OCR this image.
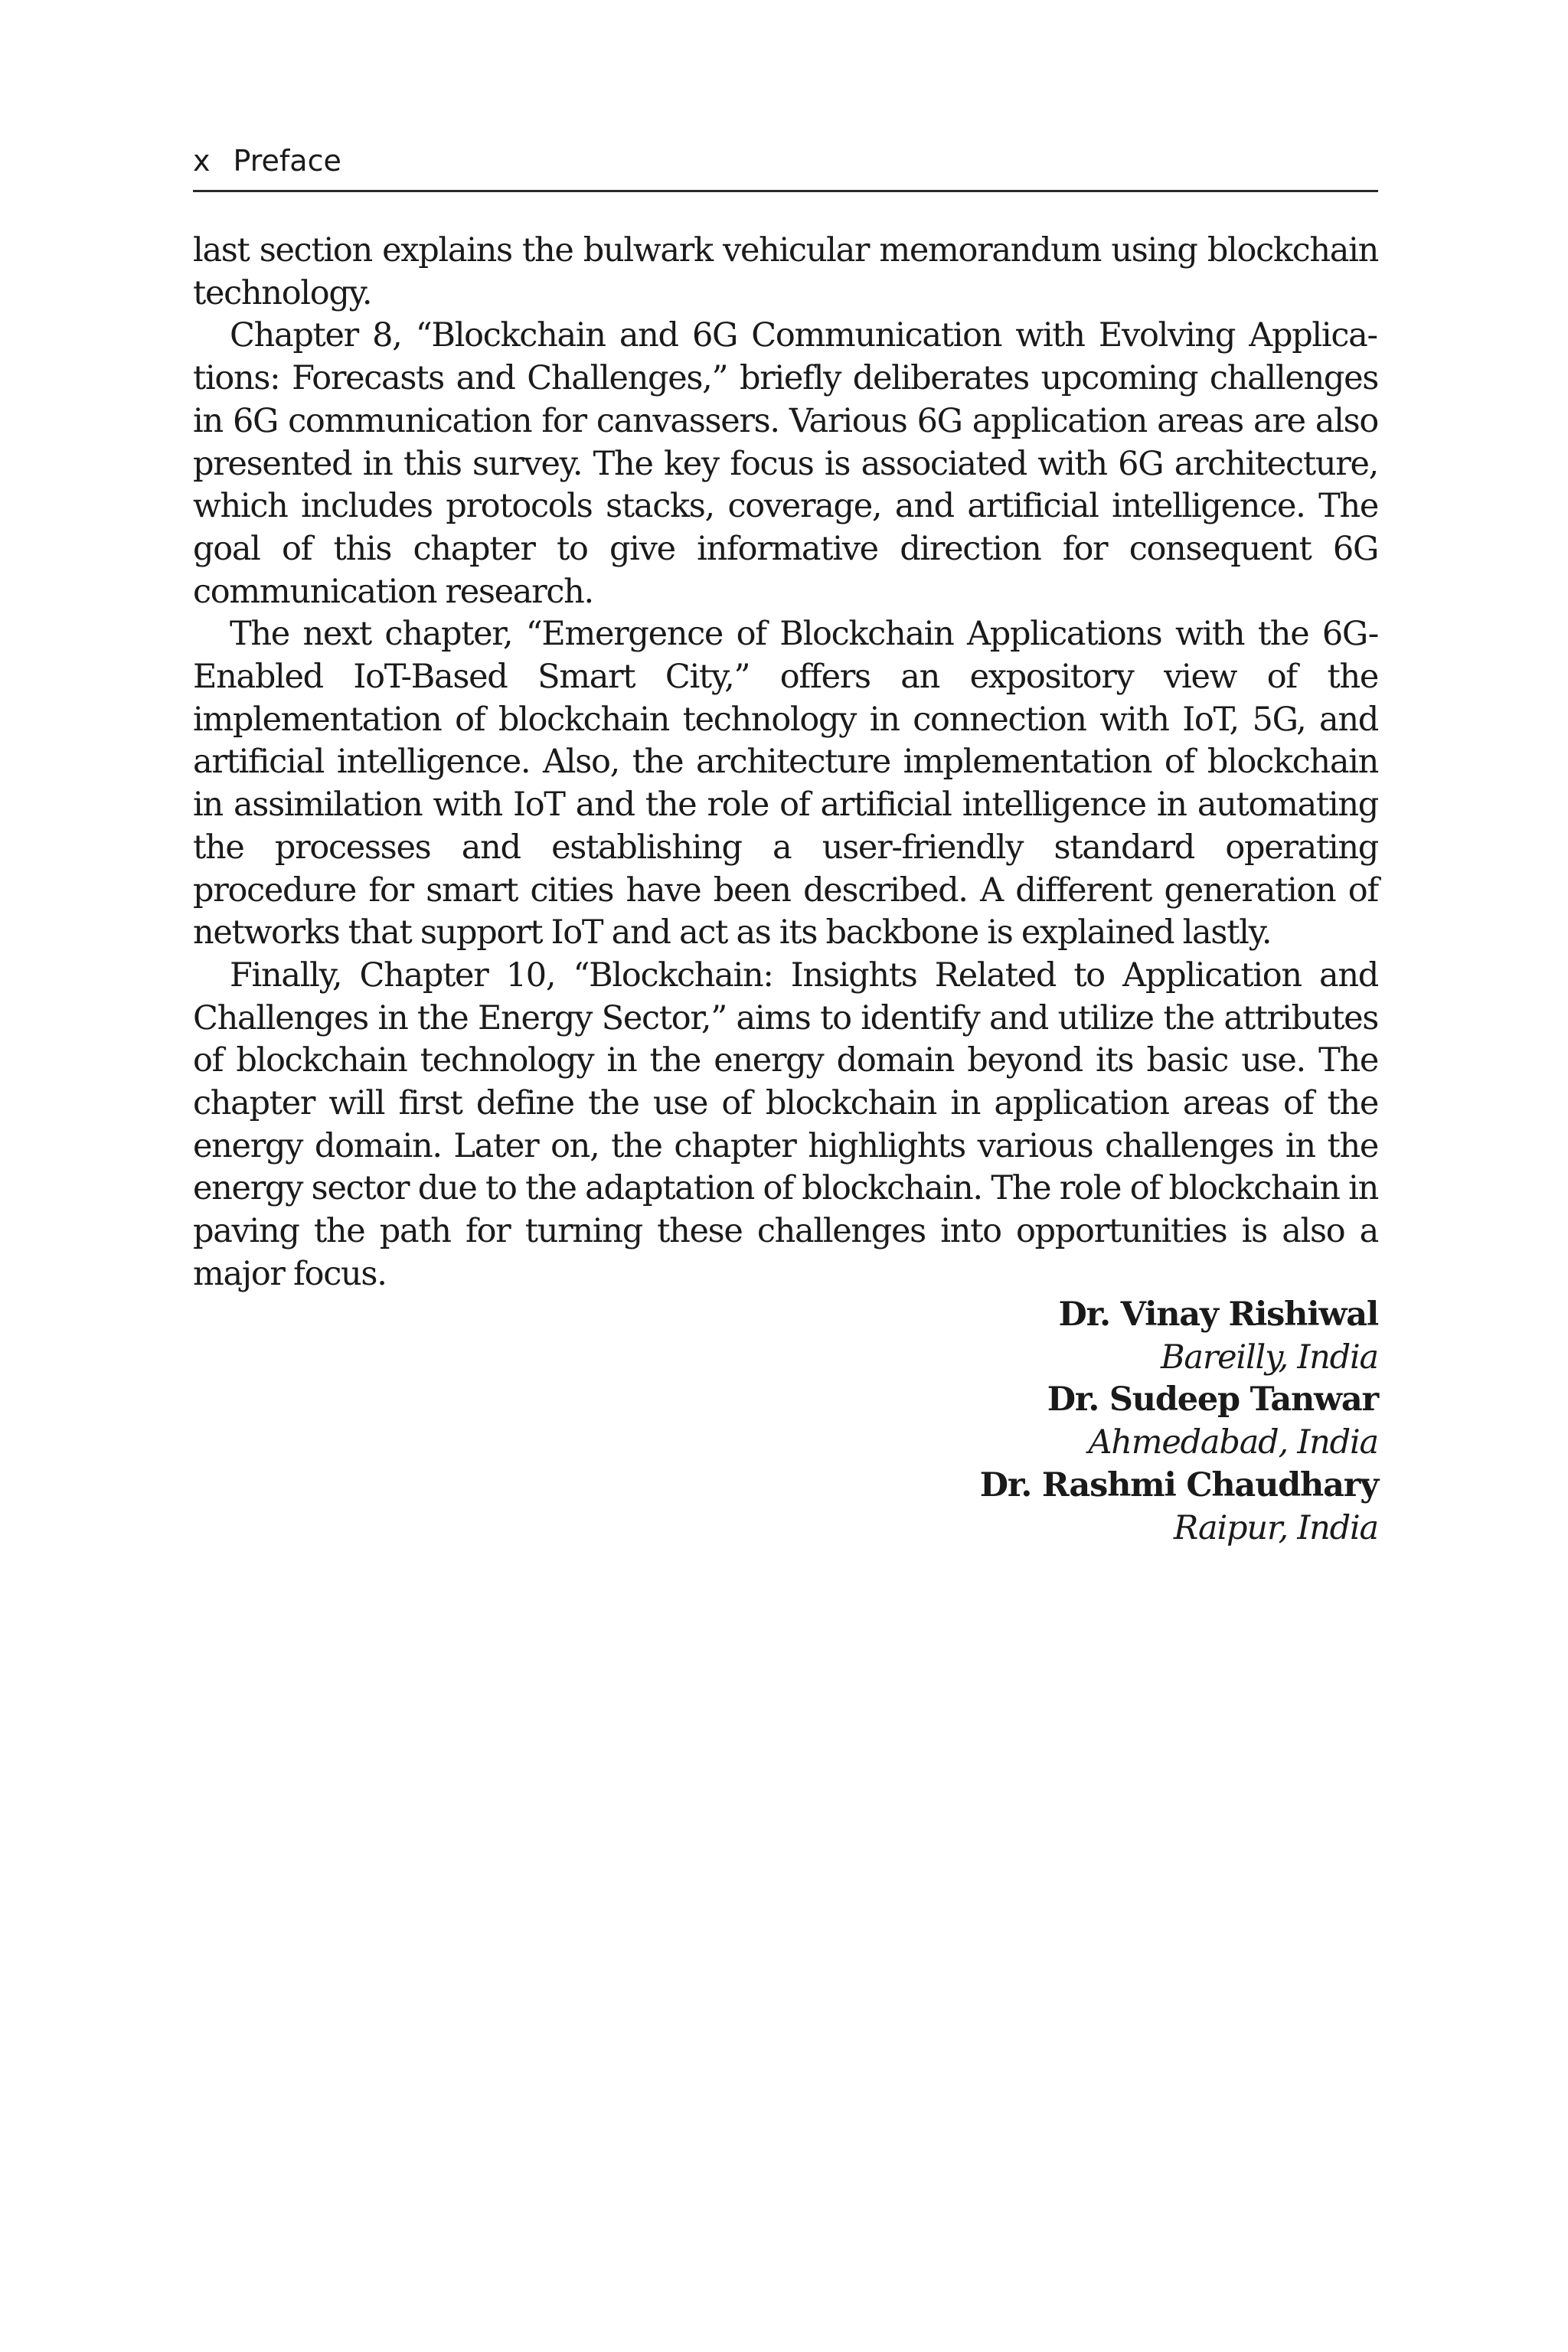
x Preface

last section explains the bulwark vehicular memorandum using blockchain technology.

Chapter 8, “Blockchain and 6G Communication with Evolving Applications: Forecasts and Challenges,” briefly deliberates upcoming challenges in 6G communication for canvassers. Various 6G application areas are also presented in this survey. The key focus is associated with 6G architecture, which includes protocols stacks, coverage, and artificial intelligence. The goal of this chapter to give informative direction for consequent 6G communication research.

The next chapter, “Emergence of Blockchain Applications with the 6G-Enabled IoT-Based Smart City,” offers an expository view of the implementation of blockchain technology in connection with IoT, 5G, and artificial intelligence. Also, the architecture implementation of blockchain in assimilation with IoT and the role of artificial intelligence in automating the processes and establishing a user-friendly standard operating procedure for smart cities have been described. A different generation of networks that support IoT and act as its backbone is explained lastly.

Finally, Chapter 10, “Blockchain: Insights Related to Application and Challenges in the Energy Sector,” aims to identify and utilize the attributes of blockchain technology in the energy domain beyond its basic use. The chapter will first define the use of blockchain in application areas of the energy domain. Later on, the chapter highlights various challenges in the energy sector due to the adaptation of blockchain. The role of blockchain in paving the path for turning these challenges into opportunities is also a major focus.

Dr. Vinay Rishiwal
Bareilly, India
Dr. Sudeep Tanwar
Ahmedabad, India
Dr. Rashmi Chaudhary
Raipur, India
